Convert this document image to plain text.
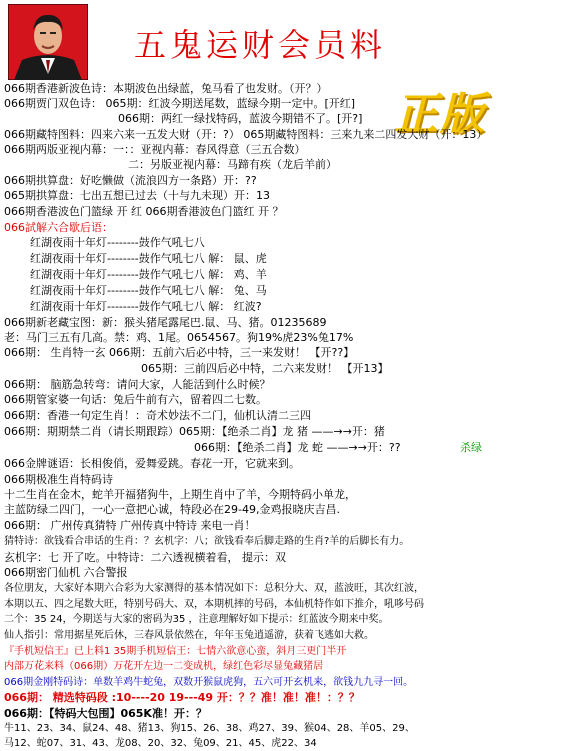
五鬼运财会员料
正版
066期香港新波色诗：本期波色出绿蓝，兔马看了也发财。（开？）
066期贾门双色诗： 065期：红波今期送尾数，蓝绿今期一定中。[开红]
066期：两红一绿找特码，蓝波今期错不了。[开?]
066期藏特图料：四来六来一五发大财（开：?） 065期藏特图料：三来九来二四发大财（开：13）
066期两版亚视内幕：一：：亚视内幕：春风得意（三五合数）
二：另版亚视内幕：马蹄有疾（龙后羊前）
066期拱算盘：好吃懒做（流浪四方一条路）开：??
065期拱算盘：七出五想已过去（十与九未现）开：13
066期香港波色门篮绿 开 红 066期香港波色门篮红 开 ？
066試解六合歇后语：
红湖夜雨十年灯--------鼓作气吼七八
红湖夜雨十年灯--------鼓作气吼七八 解： 鼠、虎
红湖夜雨十年灯--------鼓作气吼七八 解： 鸡、羊
红湖夜雨十年灯--------鼓作气吼七八 解： 兔、马
红湖夜雨十年灯--------鼓作气吼七八 解： 红波?
066期新老藏宝图：新：猴头猪尾露尾巴.鼠、马、猪。01235689
老：马门三五有几高。禁：鸡、1尾。0654567。狗19%虎23%兔17%
066期： 生肖特一玄 066期：五前六后必中特，三一来发财！ 【开??】
065期：三前四后必中特，二六来发财！ 【开13】
066期： 脑筋急转弯：请问大家，人能活到什么时候？
066期管家婆一句话：兔后牛前有六，留着四二七数。
066期：香港一句定生肖！：奇术妙法不二门，仙机认清二三四
066期：期期禁二肖（请长期跟踪）065期：【绝杀二肖】龙 猪 ——→→开：猪
066期：【绝杀二肖】龙 蛇 ——→→开：??	杀绿
066金牌谜语：长相俊俏，爱舞爱跳。春花一开，它就来到。
066期极准生肖特码诗
十二生肖在金木，蛇羊开福猪狗牛，上期生肖中了羊，今期特码小单龙，
主蓝防绿二四门，一心一意把心诚，特段必在29-49,金鸡报晓庆吉昌.
066期： 广州传真猜特 广州传真中特诗 来电一肖！
猜特诗：欲钱看合串话的生肖：？玄机字：八；欲钱看奉后脚走路的生肖?羊的后脚长有力。
玄机字：七 开了吃。中特诗：二六透视横着看， 提示：双
066期密门仙机 六合警报
各位朋友，大家好本期六合彩为大家测得的基本情况如下：总积分大、双，蓝波旺，其次红波，
本期以五、四之尾数大旺，特别号码大、双，本期机摔的号码，本仙机特作如下推介，吼哆号码
二个：35 24，今期送与大家的密码为35 ，注意理解好如下提示：红蓝波今期来中奖。
仙人指引：常用据星死后休，三春风景依然在，年年玉兔逍遥游，获着飞逃如大救。
『手机短信王』已上料1 35期手机短信王：七情六欲意心蛮，斜月三更门半开
内部万花来料（066期）万花开左边一二变成机，绿红色彩尽显兔藏猪居
066期金刚特码诗：单数羊鸡牛蛇兔，双数开猴鼠虎狗，五六可开玄机来，欲钱九九寻一回。
066期： 精选特码段 :10----20 19---49 开：？？准！准！准！：？？
066期：【特码大包围】065K准！开：？
牛11、23、34、鼠24、48、猪13、狗15、26、38、鸡27、39、猴04、28、羊05、29、
马12、蛇07、31、43、龙08、20、32、兔09、21、45、虎22、34
